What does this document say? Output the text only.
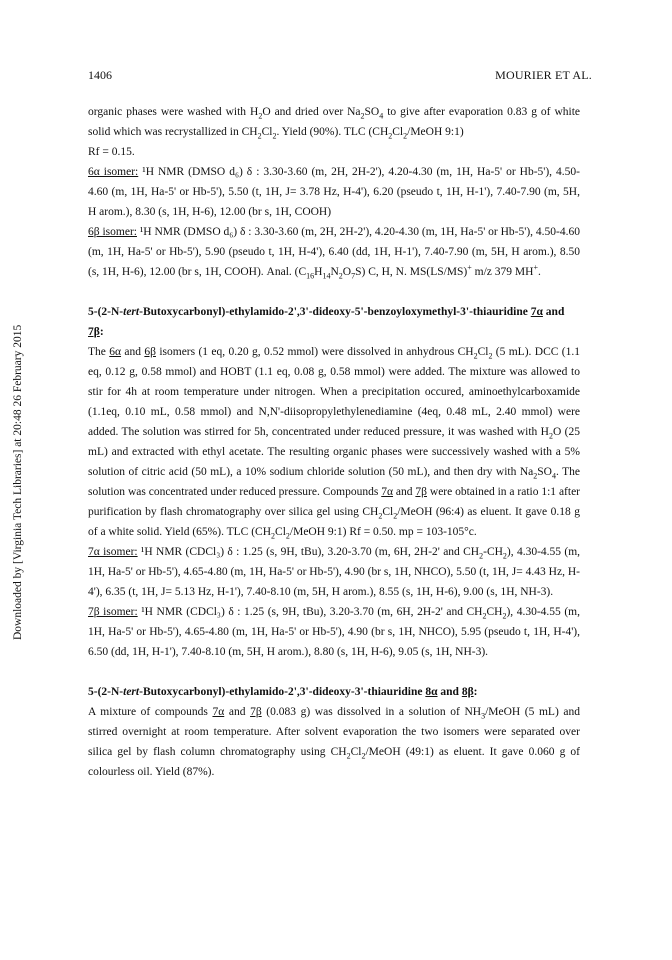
1406	MOURIER ET AL.
Downloaded by [Virginia Tech Libraries] at 20:48 26 February 2015

organic phases were washed with $H_2O$ and dried over $Na_2SO_4$ to give after evaporation 0.83 g of white solid which was recrystallized in $CH_2Cl_2$. Yield (90%). TLC ($CH_2Cl_2$/MeOH 9:1)
Rf = 0.15.

6α isomer: ¹H NMR (DMSO d₆) δ : 3.30-3.60 (m, 2H, 2H-2'), 4.20-4.30 (m, 1H, Ha-5' or Hb-5'), 4.50-4.60 (m, 1H, Ha-5' or Hb-5'), 5.50 (t, 1H, J= 3.78 Hz, H-4'), 6.20 (pseudo t, 1H, H-1'), 7.40-7.90 (m, 5H, H arom.), 8.30 (s, 1H, H-6), 12.00 (br s, 1H, COOH)

6β isomer: ¹H NMR (DMSO d₆) δ : 3.30-3.60 (m, 2H, 2H-2'), 4.20-4.30 (m, 1H, Ha-5' or Hb-5'), 4.50-4.60 (m, 1H, Ha-5' or Hb-5'), 5.90 (pseudo t, 1H, H-4'), 6.40 (dd, 1H, H-1'), 7.40-7.90 (m, 5H, H arom.), 8.50 (s, 1H, H-6), 12.00 (br s, 1H, COOH). Anal. $(C_{16}H_{14}N_2O_7S)$ C, H, N. MS(LS/MS)+ m/z 379 MH+.

5-(2-N-tert-Butoxycarbonyl)-ethylamido-2',3'-dideoxy-5'-benzoyloxymethyl-3'-thiauridine 7α and 7β:

The 6α and 6β isomers (1 eq, 0.20 g, 0.52 mmol) were dissolved in anhydrous $CH_2Cl_2$ (5 mL). DCC (1.1 eq, 0.12 g, 0.58 mmol) and HOBT (1.1 eq, 0.08 g, 0.58 mmol) were added. The mixture was allowed to stir for 4h at room temperature under nitrogen. When a precipitation occured, aminoethylcarboxamide (1.1eq, 0.10 mL, 0.58 mmol) and N,N'-diisopropylethylenediamine (4eq, 0.48 mL, 2.40 mmol) were added. The solution was stirred for 5h, concentrated under reduced pressure, it was washed with $H_2O$ (25 mL) and extracted with ethyl acetate. The resulting organic phases were successively washed with a 5% solution of citric acid (50 mL), a 10% sodium chloride solution (50 mL), and then dry with $Na_2SO_4$. The solution was concentrated under reduced pressure. Compounds 7α and 7β were obtained in a ratio 1:1 after purification by flash chromatography over silica gel using $CH_2Cl_2$/MeOH (96:4) as eluent. It gave 0.18 g of a white solid. Yield (65%). TLC ($CH_2Cl_2$/MeOH 9:1) Rf = 0.50. mp = 103-105°c.

7α isomer: ¹H NMR (CDCl₃) δ : 1.25 (s, 9H, tBu), 3.20-3.70 (m, 6H, 2H-2' and $CH_2-CH_2$), 4.30-4.55 (m, 1H, Ha-5' or Hb-5'), 4.65-4.80 (m, 1H, Ha-5' or Hb-5'), 4.90 (br s, 1H, NHCO), 5.50 (t, 1H, J= 4.43 Hz, H-4'), 6.35 (t, 1H, J= 5.13 Hz, H-1'), 7.40-8.10 (m, 5H, H arom.), 8.55 (s, 1H, H-6), 9.00 (s, 1H, NH-3).

7β isomer: ¹H NMR (CDCl₃) δ : 1.25 (s, 9H, tBu), 3.20-3.70 (m, 6H, 2H-2' and $CH_2CH_2$), 4.30-4.55 (m, 1H, Ha-5' or Hb-5'), 4.65-4.80 (m, 1H, Ha-5' or Hb-5'), 4.90 (br s, 1H, NHCO), 5.95 (pseudo t, 1H, H-4'), 6.50 (dd, 1H, H-1'), 7.40-8.10 (m, 5H, H arom.), 8.80 (s, 1H, H-6), 9.05 (s, 1H, NH-3).

5-(2-N-tert-Butoxycarbonyl)-ethylamido-2',3'-dideoxy-3'-thiauridine 8α and 8β:

A mixture of compounds 7α and 7β (0.083 g) was dissolved in a solution of $NH_3$/MeOH (5 mL) and stirred overnight at room temperature. After solvent evaporation the two isomers were separated over silica gel by flash column chromatography using $CH_2Cl_2$/MeOH (49:1) as eluent. It gave 0.060 g of colourless oil. Yield (87%).
